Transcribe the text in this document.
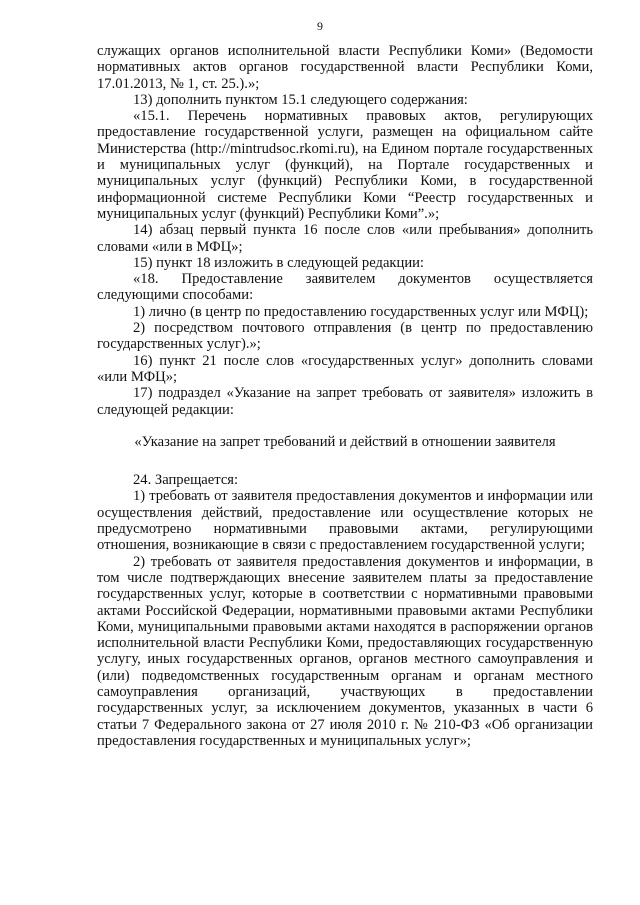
9

служащих органов исполнительной власти Республики Коми» (Ведомости нормативных актов органов государственной власти Республики Коми, 17.01.2013, № 1, ст. 25.).»;

13) дополнить пунктом 15.1 следующего содержания:

«15.1. Перечень нормативных правовых актов, регулирующих предоставление государственной услуги, размещен на официальном сайте Министерства (http://mintrudsoc.rkomi.ru), на Едином портале государственных и муниципальных услуг (функций), на Портале государственных и муниципальных услуг (функций) Республики Коми, в государственной информационной системе Республики Коми “Реестр государственных и муниципальных услуг (функций) Республики Коми”.»;

14) абзац первый пункта 16 после слов «или пребывания» дополнить словами «или в МФЦ»;

15) пункт 18 изложить в следующей редакции:

«18. Предоставление заявителем документов осуществляется следующими способами:

1) лично (в центр по предоставлению государственных услуг или МФЦ);

2) посредством почтового отправления (в центр по предоставлению государственных услуг).»;

16) пункт 21 после слов «государственных услуг» дополнить словами «или МФЦ»;

17) подраздел «Указание на запрет требовать от заявителя» изложить в следующей редакции:

«Указание на запрет требований и действий в отношении заявителя

24. Запрещается:

1) требовать от заявителя предоставления документов и информации или осуществления действий, предоставление или осуществление которых не предусмотрено нормативными правовыми актами, регулирующими отношения, возникающие в связи с предоставлением государственной услуги;

2) требовать от заявителя предоставления документов и информации, в том числе подтверждающих внесение заявителем платы за предоставление государственных услуг, которые в соответствии с нормативными правовыми актами Российской Федерации, нормативными правовыми актами Республики Коми, муниципальными правовыми актами находятся в распоряжении органов исполнительной власти Республики Коми, предоставляющих государственную услугу, иных государственных органов, органов местного самоуправления и (или) подведомственных государственным органам и органам местного самоуправления организаций, участвующих в предоставлении государственных услуг, за исключением документов, указанных в части 6 статьи 7 Федерального закона от 27 июля 2010 г. № 210-ФЗ «Об организации предоставления государственных и муниципальных услуг»;
